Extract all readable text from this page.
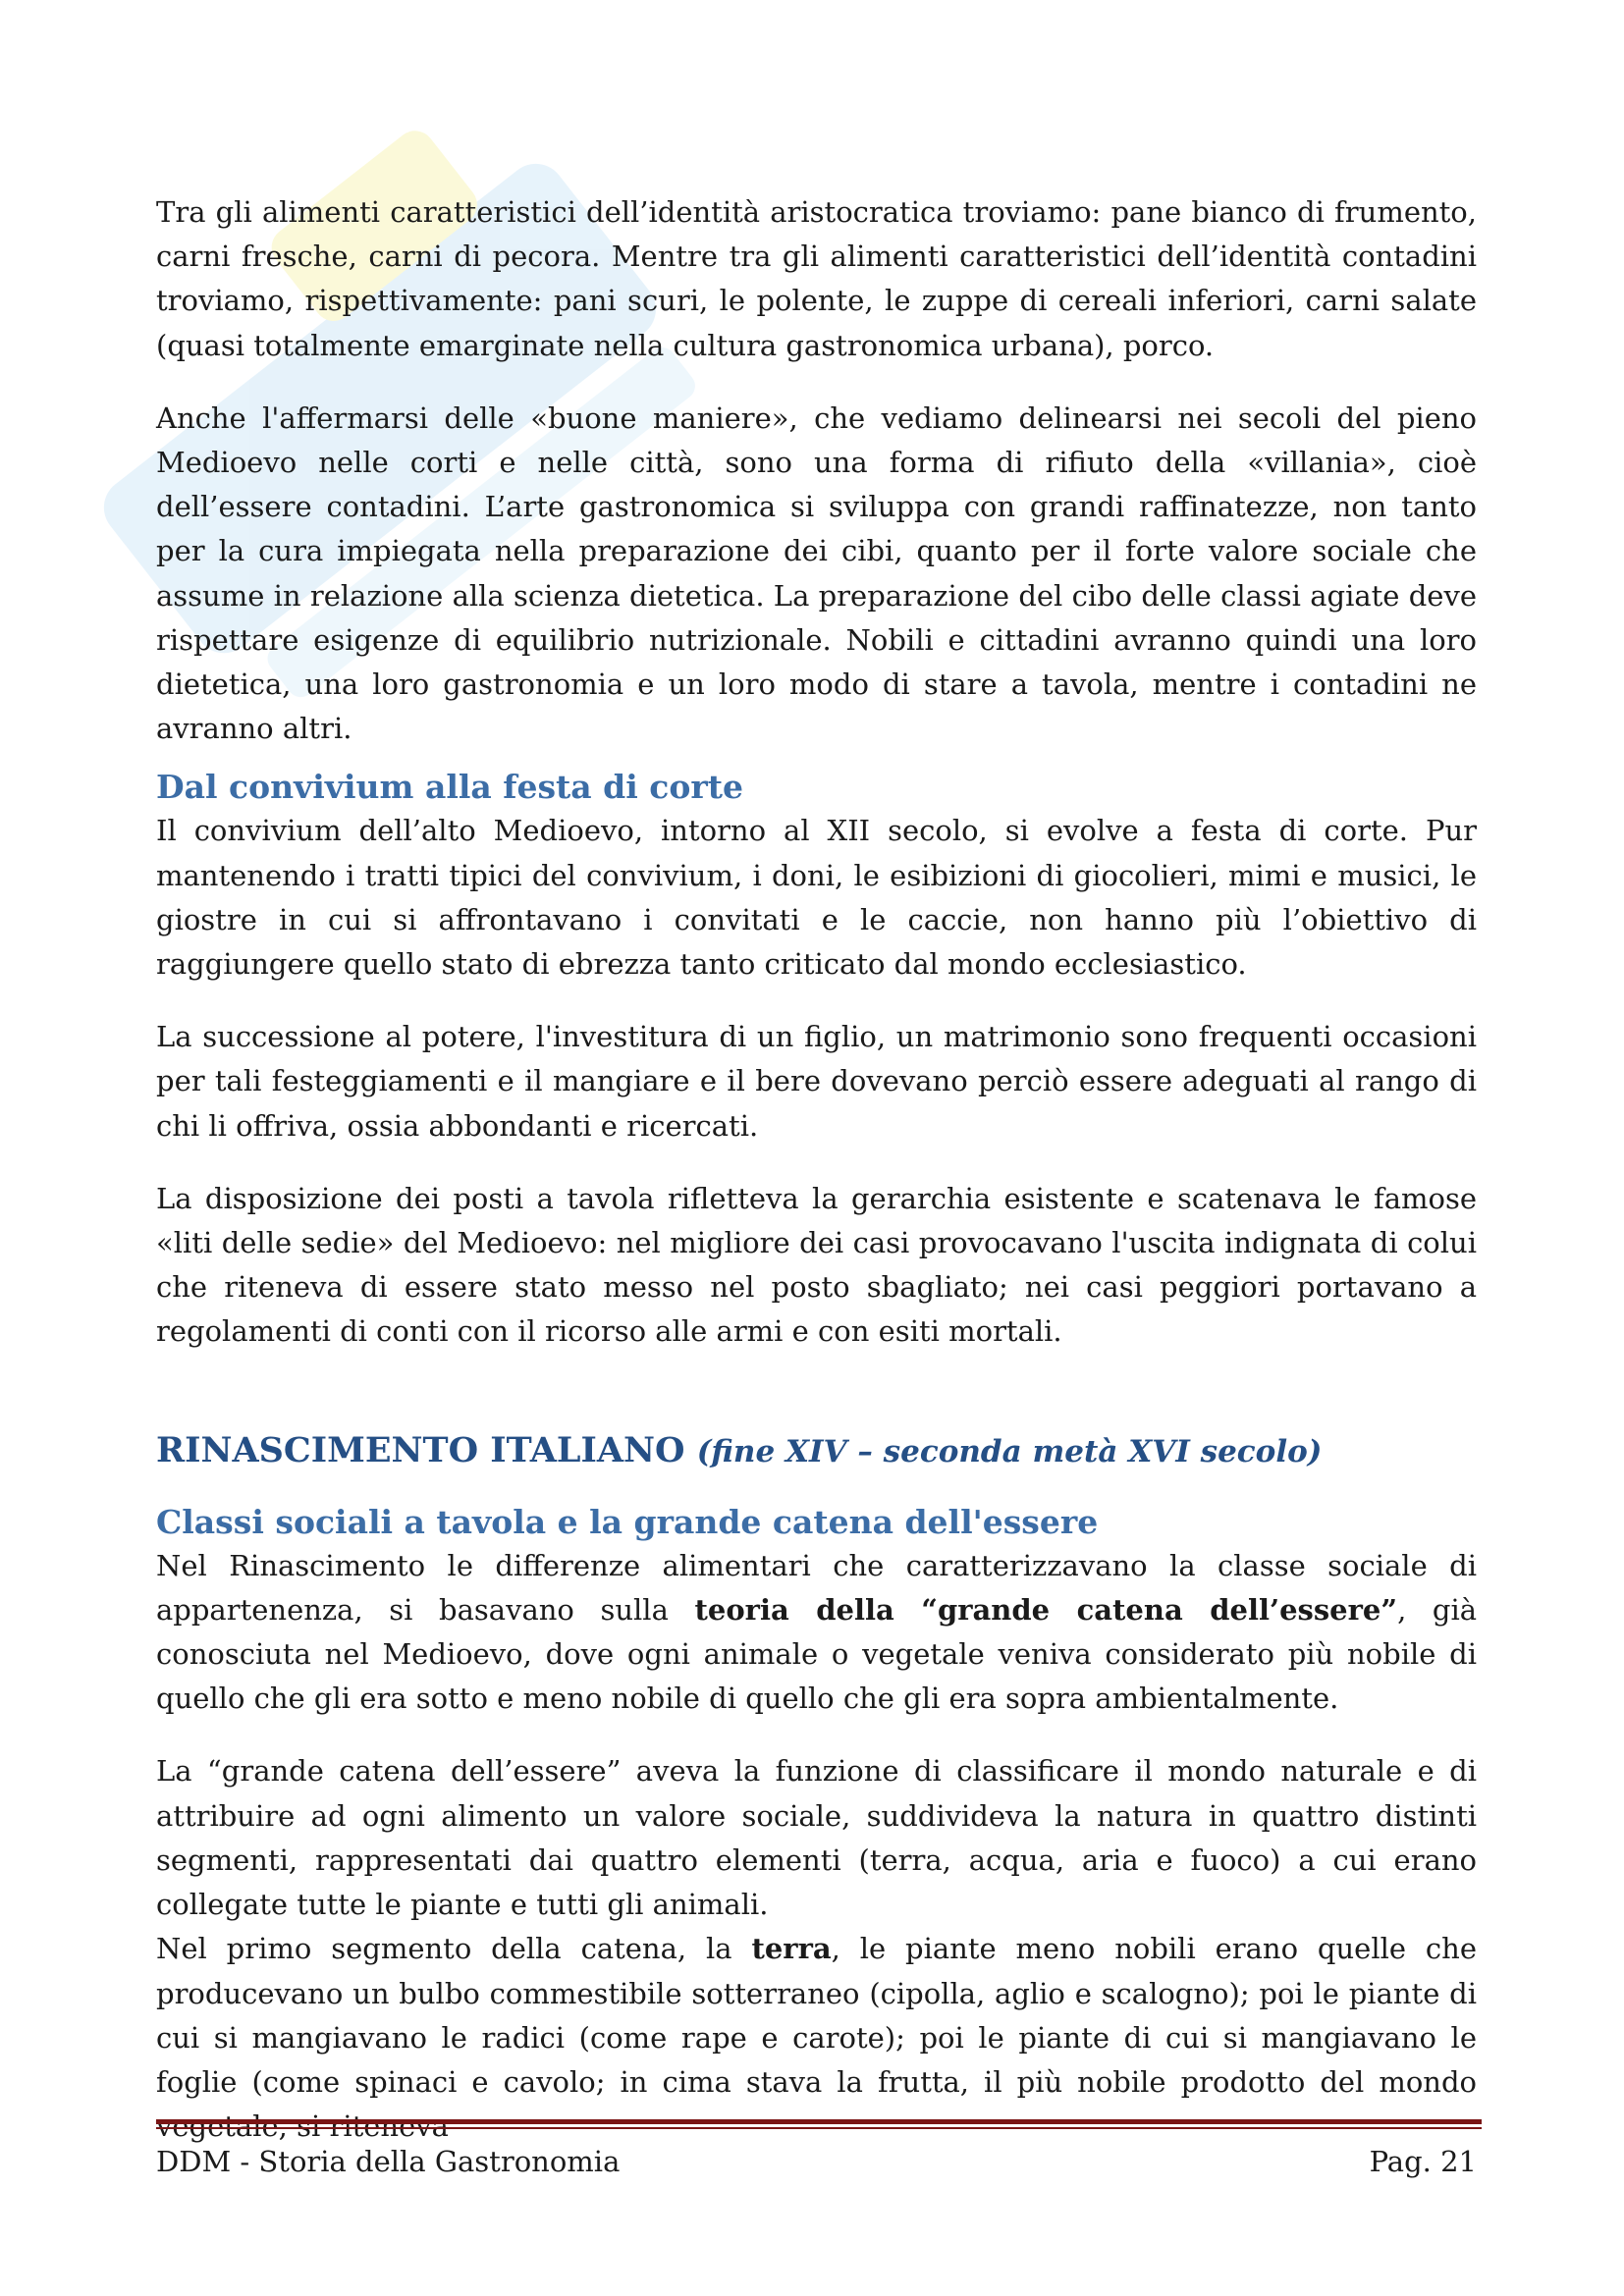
Tra gli alimenti caratteristici dell’identità aristocratica troviamo: pane bianco di frumento, carni fresche, carni di pecora. Mentre tra gli alimenti caratteristici dell’identità contadini troviamo, rispettivamente: pani scuri, le polente, le zuppe di cereali inferiori, carni salate (quasi totalmente emarginate nella cultura gastronomica urbana), porco.

Anche l'affermarsi delle «buone maniere», che vediamo delinearsi nei secoli del pieno Medioevo nelle corti e nelle città, sono una forma di rifiuto della «villania», cioè dell’essere contadini. L’arte gastronomica si sviluppa con grandi raffinatezze, non tanto per la cura impiegata nella preparazione dei cibi, quanto per il forte valore sociale che assume in relazione alla scienza dietetica. La preparazione del cibo delle classi agiate deve rispettare esigenze di equilibrio nutrizionale. Nobili e cittadini avranno quindi una loro dietetica, una loro gastronomia e un loro modo di stare a tavola, mentre i contadini ne avranno altri.

Dal convivium alla festa di corte

Il convivium dell’alto Medioevo, intorno al XII secolo, si evolve a festa di corte. Pur mantenendo i tratti tipici del convivium, i doni, le esibizioni di giocolieri, mimi e musici, le giostre in cui si affrontavano i convitati e le caccie, non hanno più l’obiettivo di raggiungere quello stato di ebrezza tanto criticato dal mondo ecclesiastico.

La successione al potere, l'investitura di un figlio, un matrimonio sono frequenti occasioni per tali festeggiamenti e il mangiare e il bere dovevano perciò essere adeguati al rango di chi li offriva, ossia abbondanti e ricercati.

La disposizione dei posti a tavola rifletteva la gerarchia esistente e scatenava le famose «liti delle sedie» del Medioevo: nel migliore dei casi provocavano l'uscita indignata di colui che riteneva di essere stato messo nel posto sbagliato; nei casi peggiori portavano a regolamenti di conti con il ricorso alle armi e con esiti mortali.

RINASCIMENTO ITALIANO (fine XIV – seconda metà XVI secolo)
Classi sociali a tavola e la grande catena dell'essere

Nel Rinascimento le differenze alimentari che caratterizzavano la classe sociale di appartenenza, si basavano sulla teoria della “grande catena dell’essere”, già conosciuta nel Medioevo, dove ogni animale o vegetale veniva considerato più nobile di quello che gli era sotto e meno nobile di quello che gli era sopra ambientalmente.

La “grande catena dell’essere” aveva la funzione di classificare il mondo naturale e di attribuire ad ogni alimento un valore sociale, suddivideva la natura in quattro distinti segmenti, rappresentati dai quattro elementi (terra, acqua, aria e fuoco) a cui erano collegate tutte le piante e tutti gli animali.

Nel primo segmento della catena, la terra, le piante meno nobili erano quelle che producevano un bulbo commestibile sotterraneo (cipolla, aglio e scalogno); poi le piante di cui si mangiavano le radici (come rape e carote); poi le piante di cui si mangiavano le foglie (come spinaci e cavolo; in cima stava la frutta, il più nobile prodotto del mondo

DDM - Storia della Gastronomia	Pag. 21
